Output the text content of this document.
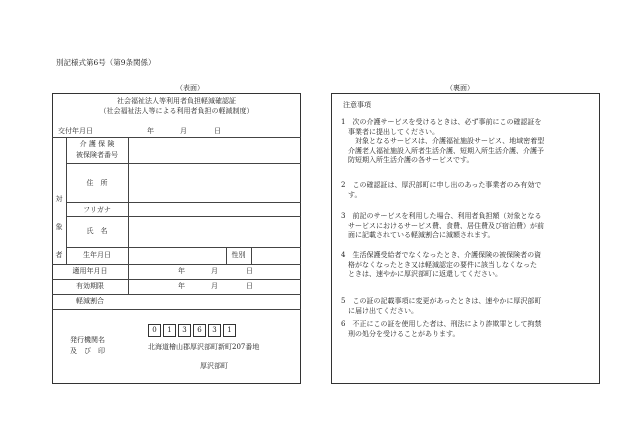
別記様式第6号（第9条関係）
（表面）	（裏面）
社会福祉法人等利用者負担軽減確認証
（社会福祉法人等による利用者負担の軽減制度）
交付年月日	年	月	日
対象者
介 護 保 険
被保険者番号
住　所
フリガナ
氏　名
生年月日	性別
適用年月日	年	月	日
有効期限	年	月	日
軽減割合
発行機関名
及　び　印
0	1	3	6	3	1
北海道檜山郡厚沢部町新町207番地
厚沢部町
注意事項
1　次の介護サービスを受けるときは、必ず事前にこの確認証を
　事業者に提出してください。
　　対象となるサービスは、介護福祉施設サービス、地域密着型
　介護老人福祉施設入所者生活介護、短期入所生活介護、介護予
　防短期入所生活介護の各サービスです。
2　この確認証は、厚沢部町に申し出のあった事業者のみ有効で
　す。
3　前記のサービスを利用した場合、利用者負担額（対象となる
　サービスにおけるサービス費、食費、居住費及び宿泊費）が前
　面に記載されている軽減割合に減額されます。
4　生活保護受給者でなくなったとき、介護保険の被保険者の資
　格がなくなったとき又は軽減認定の要件に該当しなくなった
　ときは、速やかに厚沢部町に返還してください。
5　この証の記載事項に変更があったときは、速やかに厚沢部町
　に届け出てください。
6　不正にこの証を使用した者は、刑法により詐欺罪として拘禁
　刑の処分を受けることがあります。
